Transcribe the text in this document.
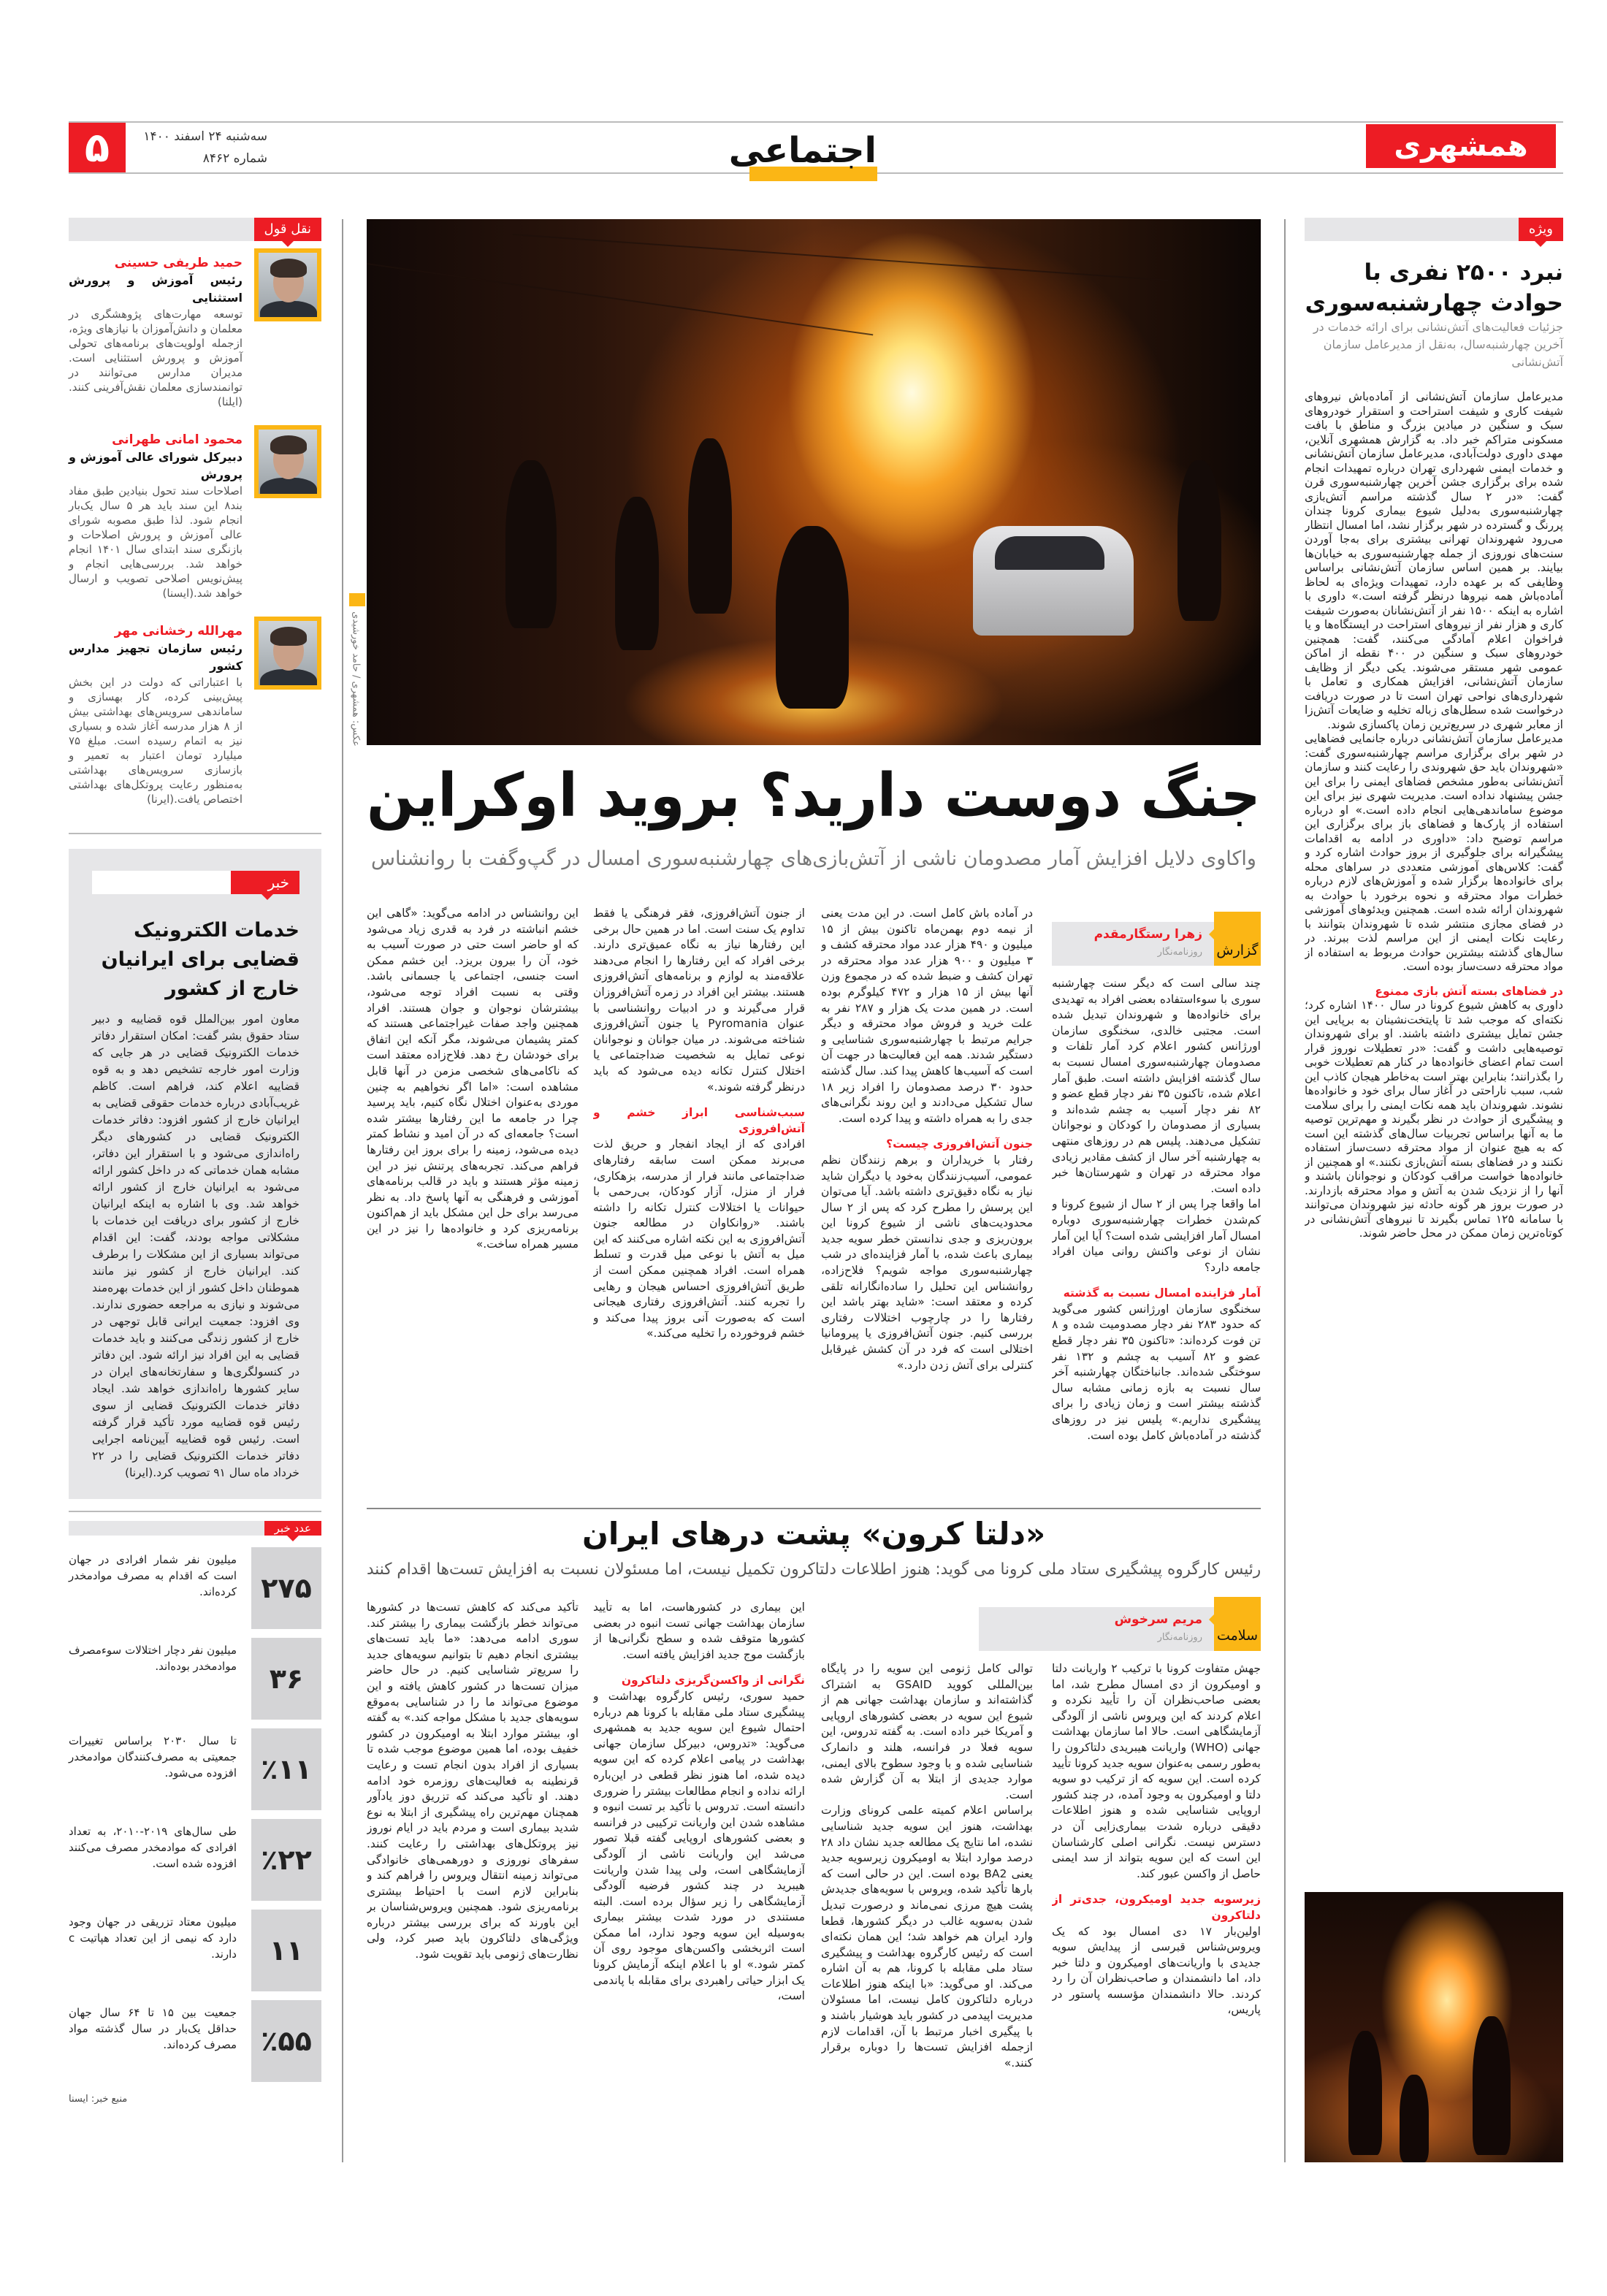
۵	سه‌شنبه ۲۴ اسفند ۱۴۰۰
شماره ۸۴۶۲	اجتماعی	همشهری
نقل قول
حمید طریفی حسینی
رئیس آموزش و پرورش استثنایی
توسعه مهارت‌های پژوهشگری در معلمان و دانش‌آموزان با نیازهای ویژه، ازجمله اولویت‌های برنامه‌های تحولی آموزش و پرورش استثنایی است. مدیران مدارس می‌توانند در توانمندسازی معلمان نقش‌آفرینی کنند.(ایلنا)
محمود امانی طهرانی
دبیرکل شورای عالی آموزش و پرورش
اصلاحات سند تحول بنیادین طبق مفاد بند۸ این سند باید هر ۵ سال یک‌بار انجام شود. لذا طبق مصوبه شورای عالی آموزش و پرورش اصلاحات و بازنگری سند ابتدای سال ۱۴۰۱ انجام خواهد شد. بررسی‌هایی انجام و پیش‌نویس اصلاحی تصویب و ارسال خواهد شد.(ایسنا)
مهرالله رخشانی مهر
رئیس سازمان تجهیز مدارس کشور
با اعتباراتی که دولت در این بخش پیش‌بینی کرده، کار بهسازی و ساماندهی سرویس‌های بهداشتی بیش از ۸ هزار مدرسه آغاز شده و بسیاری نیز به اتمام رسیده است. مبلغ ۷۵ میلیارد تومان اعتبار به تعمیر و بازسازی سرویس‌های بهداشتی به‌منظور رعایت پروتکل‌های بهداشتی اختصاص یافت.(ایرنا)
خبر
خدمات الکترونیک قضایی برای ایرانیان خارج از کشور

معاون امور بین‌الملل قوه قضاییه و دبیر ستاد حقوق بشر گفت: امکان استقرار دفاتر خدمات الکترونیک قضایی در هر جایی که وزارت امور خارجه تشخیص دهد و به قوه قضاییه اعلام کند، فراهم است. کاظم غریب‌آبادی درباره خدمات حقوقی قضایی به ایرانیان خارج از کشور افزود: دفاتر خدمات الکترونیک قضایی در کشورهای دیگر راه‌اندازی می‌شود و با استقرار این دفاتر، مشابه همان خدماتی که در داخل کشور ارائه می‌شود به ایرانیان خارج از کشور ارائه خواهد شد. وی با اشاره به اینکه ایرانیان خارج از کشور برای دریافت این خدمات با مشکلاتی مواجه بودند، گفت: این اقدام می‌تواند بسیاری از این مشکلات را برطرف کند. ایرانیان خارج از کشور نیز مانند هموطنان داخل کشور از این خدمات بهره‌مند می‌شوند و نیازی به مراجعه حضوری ندارند. وی افزود: جمعیت ایرانی قابل توجهی در خارج از کشور زندگی می‌کنند و باید خدمات قضایی به این افراد نیز ارائه شود. این دفاتر در کنسولگری‌ها و سفارتخانه‌های ایران در سایر کشورها راه‌اندازی خواهد شد. ایجاد دفاتر خدمات الکترونیک قضایی از سوی رئیس قوه قضاییه مورد تأکید قرار گرفته است. رئیس قوه قضاییه آیین‌نامه اجرایی دفاتر خدمات الکترونیک قضایی را در ۲۲ خرداد ماه سال ۹۱ تصویب کرد.(ایرنا)

عدد خبر
۲۷۵
میلیون نفر شمار افرادی در جهان است که اقدام به مصرف موادمخدر کرده‌اند.
۳۶
میلیون نفر دچار اختلالات سوءمصرف موادمخدر بوده‌اند.
٪۱۱
تا سال ۲۰۳۰ براساس تغییرات جمعیتی به مصرف‌کنندگان موادمخدر افزوده می‌شود.
٪۲۲
طی سال‌های ۲۰۱۹-۲۰۱۰، به تعداد افرادی که موادمخدر مصرف می‌کنند افزوده شده است.
۱۱
میلیون معتاد تزریقی در جهان وجود دارد که نیمی از این تعداد هپاتیت c دارند.
٪۵۵
جمعیت بین ۱۵ تا ۶۴ سال جهان حداقل یک‌بار در سال گذشته مواد مصرف کرده‌اند.
منبع خبر: ایسنا
ویژه
نبرد ۲۵۰۰ نفری با حوادث چهارشنبه‌سوری
جزئیات فعالیت‌های آتش‌نشانی برای ارائه خدمات در آخرین چهارشنبه‌سال، به‌نقل از مدیرعامل سازمان آتش‌نشانی

مدیرعامل سازمان آتش‌نشانی از آماده‌باش نیروهای شیفت کاری و شیفت استراحت و استقرار خودروهای سبک و سنگین در میادین بزرگ و مناطق با بافت مسکونی متراکم خبر داد. به گزارش همشهری آنلاین، مهدی داوری دولت‌آبادی، مدیرعامل سازمان آتش‌نشانی و خدمات ایمنی شهرداری تهران درباره تمهیدات انجام شده برای برگزاری جشن آخرین چهارشنبه‌سوری قرن گفت: «در ۲ سال گذشته مراسم آتش‌بازی چهارشنبه‌سوری به‌دلیل شیوع بیماری کرونا چندان پررنگ و گسترده در شهر برگزار نشد، اما امسال انتظار می‌رود شهروندان تهرانی بیشتری برای به‌جا آوردن سنت‌های نوروزی از جمله چهارشنبه‌سوری به خیابان‌ها بیایند. بر همین اساس سازمان آتش‌نشانی براساس وظایفی که بر عهده دارد، تمهیدات ویژه‌ای به لحاظ آماده‌باش همه نیروها درنظر گرفته است.» داوری با اشاره به اینکه ۱۵۰۰ نفر از آتش‌نشانان به‌صورت شیفت کاری و هزار نفر از نیروهای استراحت در ایستگاه‌ها و یا فراخوان اعلام آمادگی می‌کنند، گفت: همچنین خودروهای سبک و سنگین در ۴۰۰ نقطه از اماکن عمومی شهر مستقر می‌شوند. یکی دیگر از وظایف سازمان آتش‌نشانی، افزایش همکاری و تعامل با شهرداری‌های نواحی تهران است تا در صورت دریافت درخواست شده سطل‌های زباله تخلیه و ضایعات آتش‌زا از معابر شهری در سریع‌ترین زمان پاکسازی شوند.

مدیرعامل سازمان آتش‌نشانی درباره جانمایی فضاهایی در شهر برای برگزاری مراسم چهارشنبه‌سوری گفت: «شهروندان باید حق شهروندی را رعایت کنند و سازمان آتش‌نشانی به‌طور مشخص فضاهای ایمنی را برای این جشن پیشنهاد نداده است. مدیریت شهری نیز برای این موضوع ساماندهی‌هایی انجام داده است.» او درباره استفاده از پارک‌ها و فضاهای باز برای برگزاری این مراسم توضیح داد: «داوری در ادامه به اقدامات پیشگیرانه برای جلوگیری از بروز حوادث اشاره کرد و گفت: کلاس‌های آموزشی متعددی در سراهای محله برای خانواده‌ها برگزار شده و آموزش‌های لازم درباره خطرات مواد محترقه و نحوه برخورد با حوادث به شهروندان ارائه شده است. همچنین ویدئوهای آموزشی در فضای مجازی منتشر شده تا شهروندان بتوانند با رعایت نکات ایمنی از این مراسم لذت ببرند. در سال‌های گذشته بیشترین حوادث مربوط به استفاده از مواد محترقه دست‌ساز بوده است.

در فضاهای بسته آتش بازی ممنوع

داوری به کاهش شیوع کرونا در سال ۱۴۰۰ اشاره کرد؛ نکته‌ای که موجب شد تا پایتخت‌نشینان به برپایی این جشن تمایل بیشتری داشته باشند. او برای شهروندان توصیه‌هایی داشت و گفت: «در تعطیلات نوروز قرار است تمام اعضای خانواده‌ها در کنار هم تعطیلات خوبی را بگذرانند؛ بنابراین بهتر است به‌خاطر هیجان کاذب این شب، سبب ناراحتی در آغاز سال برای خود و خانواده‌ها نشوند. شهروندان باید همه نکات ایمنی را برای سلامت و پیشگیری از حوادث در نظر بگیرند و مهم‌ترین توصیه ما به آنها براساس تجربیات سال‌های گذشته این است که به هیچ عنوان از مواد محترقه دست‌ساز استفاده نکنند و در فضاهای بسته آتش‌بازی نکنند.» او همچنین از خانواده‌ها خواست مراقب کودکان و نوجوانان باشند و آنها را از نزدیک شدن به آتش و مواد محترقه بازدارند. در صورت بروز هر گونه حادثه نیز شهروندان می‌توانند با سامانه ۱۲۵ تماس بگیرند تا نیروهای آتش‌نشانی در کوتاه‌ترین زمان ممکن در محل حاضر شوند.

عکس: همشهری / حامد خورشیدی
جنگ دوست دارید؟ بروید اوکراین
واکاوی دلایل افزایش آمار مصدومان ناشی از آتش‌بازی‌های چهارشنبه‌سوری امسال در گپ‌وگفت با روانشناس
گزارش
زهرا رستگارمقدم
روزنامه‌نگار

چند سالی است که دیگر سنت چهارشنبه سوری با سوءاستفاده بعضی افراد به تهدیدی برای خانواده‌ها و شهروندان تبدیل شده است. مجتبی خالدی، سخنگوی سازمان اورژانس کشور اعلام کرد آمار تلفات و مصدومان چهارشنبه‌سوری امسال نسبت به سال گذشته افزایش داشته است. طبق آمار اعلام شده، تاکنون ۳۵ نفر دچار قطع عضو و ۸۲ نفر دچار آسیب به چشم شده‌اند و بسیاری از مصدومان را کودکان و نوجوانان تشکیل می‌دهند. پلیس هم در روزهای منتهی به چهارشنبه آخر سال از کشف مقادیر زیادی مواد محترقه در تهران و شهرستان‌ها خبر داده است.

اما واقعا چرا پس از ۲ سال از شیوع کرونا و کم‌شدن خطرات چهارشنبه‌سوری دوباره امسال آمار افزایشی شده است؟ آیا این آمار نشان از نوعی واکنش روانی میان افراد جامعه دارد؟

آمار فزاینده امسال نسبت به گذشته

سخنگوی سازمان اورژانس کشور می‌گوید که حدود ۲۸۳ نفر دچار مصدومیت شده و ۸ تن فوت کرده‌اند: «تاکنون ۳۵ نفر دچار قطع عضو و ۸۲ آسیب به چشم و ۱۳۲ نفر سوختگی شده‌اند. جانباختگان چهارشنبه آخر سال نسبت به بازه زمانی مشابه سال گذشته بیشتر است و زمان زیادی را برای پیشگیری نداریم.» پلیس نیز در روزهای گذشته در آماده‌باش کامل بوده است.

در آماده باش کامل است. در این مدت یعنی از نیمه دوم بهمن‌ماه تاکنون بیش از ۱۵ میلیون و ۴۹۰ هزار عدد مواد محترقه کشف و ۳ میلیون و ۹۰۰ هزار عدد مواد محترقه در تهران کشف و ضبط شده که در مجموع وزن آنها بیش از ۱۵ هزار و ۴۷۲ کیلوگرم بوده است. در همین مدت یک هزار و ۲۸۷ نفر به علت خرید و فروش مواد محترقه و دیگر جرایم مرتبط با چهارشنبه‌سوری شناسایی و دستگیر شدند. همه این فعالیت‌ها در جهت آن است که آسیب‌ها کاهش پیدا کند. سال گذشته حدود ۳۰ درصد مصدومان را افراد زیر ۱۸ سال تشکیل می‌دادند و این روند نگرانی‌های جدی را به همراه داشته و پیدا کرده است.

جنون آتش‌افروزی چیست؟

رفتار با خریداران و برهم زنندگان نظم عمومی، آسیب‌زنندگان به‌خود یا دیگران شاید نیاز به نگاه دقیق‌تری داشته باشد. آیا می‌توان این پرسش را مطرح کرد که پس از ۲ سال محدودیت‌های ناشی از شیوع کرونا این برون‌ریزی و جدی ندانستن خطر سویه جدید بیماری باعث شده، با آمار فزاینده‌ای در شب چهارشنبه‌سوری مواجه شویم؟ فلاح‌زاده، روانشناس این تحلیل را ساده‌انگارانه تلقی کرده و معتقد است: «شاید بهتر باشد این رفتارها را در چارچوب اختلالات رفتاری بررسی کنیم. جنون آتش‌افروزی یا پیرومانیا اختلالی است که فرد در آن کشش غیرقابل کنترلی برای آتش زدن دارد.»

از جنون آتش‌افروزی، فقر فرهنگی یا فقط تداوم یک سنت است. اما در همین حال برخی این رفتارها نیاز به نگاه عمیق‌تری دارند. برخی افراد که این رفتارها را انجام می‌دهند علاقه‌مند به لوازم و برنامه‌های آتش‌افروزی هستند. بیشتر این افراد در زمره آتش‌افروزان قرار می‌گیرند و در ادبیات روانشناسی با عنوان Pyromania یا جنون آتش‌افروزی شناخته می‌شوند. در میان جوانان و نوجوانان نوعی تمایل به شخصیت ضداجتماعی یا اختلال کنترل تکانه دیده می‌شود که باید درنظر گرفته شوند.»

سبب‌شناسی ابراز خشم و آتش‌افروزی

افرادی که از ایجاد انفجار و حریق لذت می‌برند ممکن است سابقه رفتارهای ضداجتماعی مانند فرار از مدرسه، بزهکاری، فرار از منزل، آزار کودکان، بی‌رحمی با حیوانات یا اختلالات کنترل تکانه را داشته باشند. «روانکاوان در مطالعه جنون آتش‌افروزی به این نکته اشاره می‌کنند که این میل به آتش با نوعی میل قدرت و تسلط همراه است. افراد همچنین ممکن است از طریق آتش‌افروزی احساس هیجان و رهایی را تجربه کنند. آتش‌افروزی رفتاری هیجانی است که به‌صورت آنی بروز پیدا می‌کند و خشم فروخورده را تخلیه می‌کند.»

این روانشناس در ادامه می‌گوید: «گاهی این خشم انباشته در فرد به قدری زیاد می‌شود که او حاضر است حتی در صورت آسیب به خود، آن را بیرون بریزد. این خشم ممکن است جنسی، اجتماعی یا جسمانی باشد. وقتی به نسبت افراد توجه می‌شود، بیشترشان نوجوان و جوان هستند. افراد همچنین واجد صفات غیراجتماعی هستند که کمتر پشیمان می‌شوند، مگر آنکه این اتفاق برای خودشان رخ دهد. فلاح‌زاده معتقد است که ناکامی‌های شخصی مزمن در آنها قابل مشاهده است: «اما اگر نخواهیم به چنین موردی به‌عنوان اختلال نگاه کنیم، باید پرسید چرا در جامعه ما این رفتارها بیشتر شده است؟ جامعه‌ای که در آن امید و نشاط کمتر دیده می‌شود، زمینه را برای بروز این رفتارها فراهم می‌کند. تجربه‌های پرتنش نیز در این زمینه مؤثر هستند و باید در قالب برنامه‌های آموزشی و فرهنگی به آنها پاسخ داد. به نظر می‌رسد برای حل این مشکل باید از هم‌اکنون برنامه‌ریزی کرد و خانواده‌ها را نیز در این مسیر همراه ساخت.»

«دلتا کرون» پشت درهای ایران
رئیس کارگروه پیشگیری ستاد ملی کرونا می گوید: هنوز اطلاعات دلتاکرون تکمیل نیست، اما مسئولان نسبت به افزایش تست‌ها اقدام کنند
سلامت
مریم سرخوش
روزنامه‌نگار

جهش متفاوت کرونا با ترکیب ۲ واریانت دلتا و اومیکرون از دی امسال مطرح شد، اما بعضی صاحب‌نظران آن را تأیید نکرده و اعلام کردند که این ویروس ناشی از آلودگی آزمایشگاهی است. حالا اما سازمان بهداشت جهانی (WHO) واریانت هیبریدی دلتاکرون را به‌طور رسمی به‌عنوان سویه جدید کرونا تأیید کرده است. این سویه که از ترکیب دو سویه دلتا و اومیکرون به وجود آمده، در چند کشور اروپایی شناسایی شده و هنوز اطلاعات دقیقی درباره شدت بیماری‌زایی آن در دسترس نیست. نگرانی اصلی کارشناسان این است که این سویه بتواند از سد ایمنی حاصل از واکسن عبور کند.

زیرسویه جدید اومیکرون، جدی‌تر از دلتاکرون

اولین‌بار ۱۷ دی امسال بود که یک ویروس‌شناس قبرسی از پیدایش سویه جدیدی با واریانت‌های اومیکرون و دلتا خبر داد، اما دانشمندان و صاحب‌نظران آن را رد کردند. حالا دانشمندان مؤسسه پاستور در پاریس،

توالی کامل ژنومی این سویه را در پایگاه بین‌المللی کووید GSAID به اشتراک گذاشته‌اند و سازمان بهداشت جهانی هم از شیوع این سویه در بعضی کشورهای اروپایی و آمریکا خبر داده است. به گفته تدروس، این سویه فعلا در فرانسه، هلند و دانمارک شناسایی شده و با وجود سطوح بالای ایمنی، موارد جدیدی از ابتلا به آن گزارش شده است.

براساس اعلام کمیته علمی کرونای وزارت بهداشت، هنوز این سویه جدید شناسایی نشده، اما نتایج یک مطالعه جدید نشان داد ۲۸ درصد موارد ابتلا به اومیکرون زیرسویه جدید یعنی BA2 بوده است. این در حالی است که بارها تأکید شده، ویروس با سویه‌های جدیدش پشت هیچ مرزی نمی‌ماند و درصورت تبدیل شدن به‌سویه غالب در دیگر کشورها، قطعا وارد ایران هم خواهد شد؛ این همان نکته‌ای است که رئیس کارگروه بهداشت و پیشگیری ستاد ملی مقابله با کرونا، هم به آن اشاره می‌کند. او می‌گوید: «با اینکه هنوز اطلاعات درباره دلتاکرون کامل نیست، اما مسئولان مدیریت اپیدمی در کشور باید هوشیار باشند و با پیگیری اخبار مرتبط با آن، اقدامات لازم ازجمله افزایش تست‌ها را دوباره برقرار کنند.»

این بیماری در کشورهاست، اما به تأیید سازمان بهداشت جهانی تست انبوه در بعضی کشورها متوقف شده و سطح نگرانی‌ها از بازگشت موج جدید افزایش یافته است.

نگرانی از واکسن‌گریزی دلتاکرون

حمید سوری، رئیس کارگروه بهداشت و پیشگیری ستاد ملی مقابله با کرونا هم درباره احتمال شیوع این سویه جدید به همشهری می‌گوید: «تدروس، دبیرکل سازمان جهانی بهداشت در پیامی اعلام کرده که این سویه دیده شده، اما هنوز نظر قطعی در این‌باره ارائه نداده و انجام مطالعات بیشتر را ضروری دانسته است. تدروس با تأکید بر تست انبوه و مشاهده شدن این واریانت ترکیبی در فرانسه و بعضی کشورهای اروپایی گفته قبلا تصور می‌شد این واریانت ناشی از آلودگی آزمایشگاهی است، ولی پیدا شدن واریانت هیبرید در چند کشور فرضیه آلودگی آزمایشگاهی را زیر سؤال برده است. البته مستندی در مورد شدت بیشتر بیماری به‌وسیله این سویه وجود ندارد، اما ممکن است اثربخشی واکسن‌های موجود روی آن کمتر شود.» او با اعلام اینکه آزمایش کرونا یک ابزار حیاتی راهبردی برای مقابله با پاندمی است،

تأکید می‌کند که کاهش تست‌ها در کشورها می‌تواند خطر بازگشت بیماری را بیشتر کند. سوری ادامه می‌دهد: «ما باید تست‌های بیشتری انجام دهیم تا بتوانیم سویه‌های جدید را سریع‌تر شناسایی کنیم. در حال حاضر میزان تست‌ها در کشور کاهش یافته و این موضوع می‌تواند ما را در شناسایی به‌موقع سویه‌های جدید با مشکل مواجه کند.» به گفته او، بیشتر موارد ابتلا به اومیکرون در کشور خفیف بوده، اما همین موضوع موجب شده تا بسیاری از افراد بدون انجام تست و رعایت قرنطینه به فعالیت‌های روزمره خود ادامه دهند. او تأکید می‌کند که تزریق دوز یادآور همچنان مهم‌ترین راه پیشگیری از ابتلا به نوع شدید بیماری است و مردم باید در ایام نوروز نیز پروتکل‌های بهداشتی را رعایت کنند. سفرهای نوروزی و دورهمی‌های خانوادگی می‌تواند زمینه انتقال ویروس را فراهم کند و بنابراین لازم است با احتیاط بیشتری برنامه‌ریزی شود. همچنین ویروس‌شناسان بر این باورند که برای بررسی بیشتر درباره ویژگی‌های دلتاکرون باید صبر کرد، ولی نظارت‌های ژنومی باید تقویت شود.
